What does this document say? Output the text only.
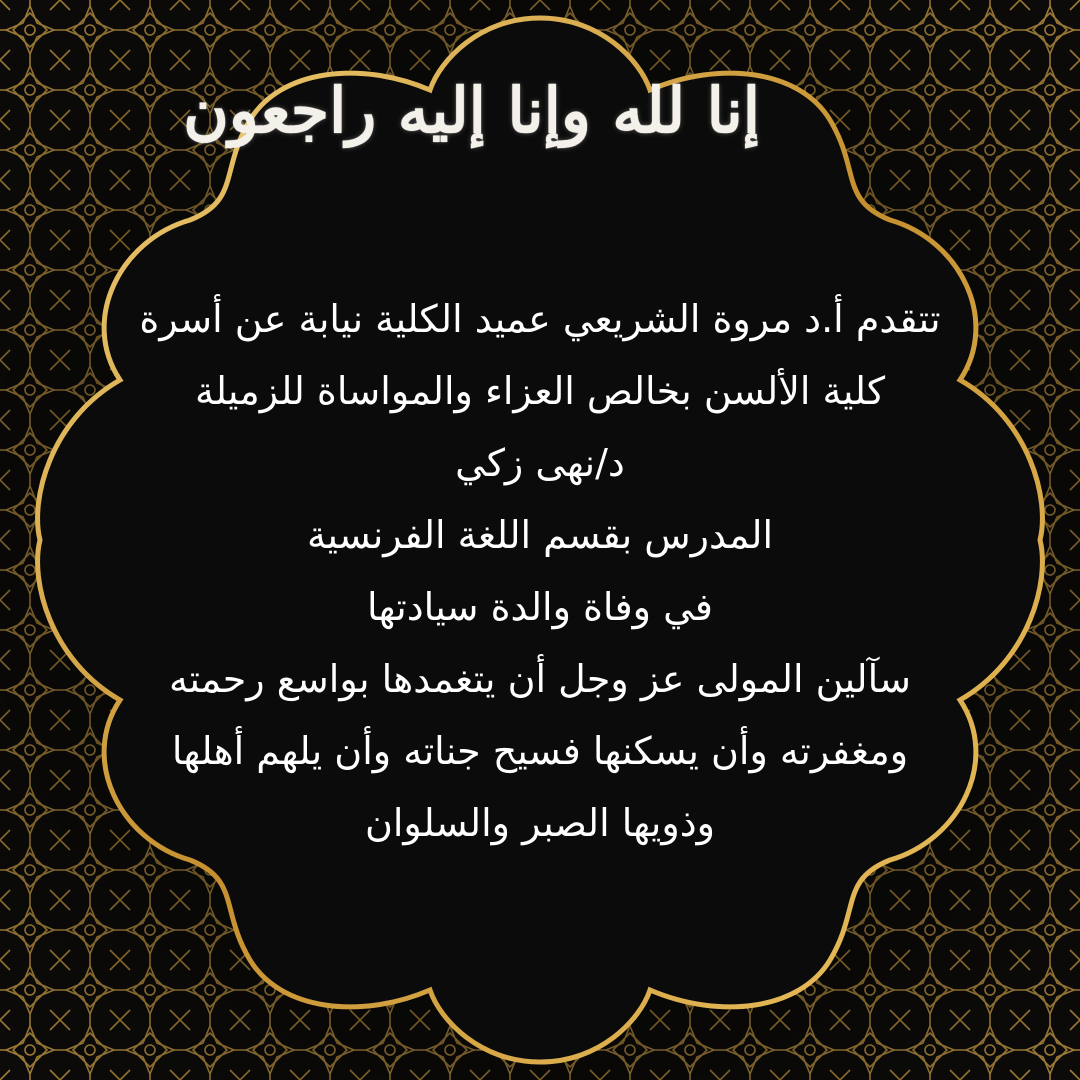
إنا لله وإنا إليه راجعون
تتقدم أ.د مروة الشريعي عميد الكلية نيابة عن أسرة
كلية الألسن بخالص العزاء والمواساة للزميلة
د/نهى زكي
المدرس بقسم اللغة الفرنسية
في وفاة والدة سيادتها
سآلين المولى عز وجل أن يتغمدها بواسع رحمته
ومغفرته وأن يسكنها فسيح جناته وأن يلهم أهلها
وذويها الصبر والسلوان
